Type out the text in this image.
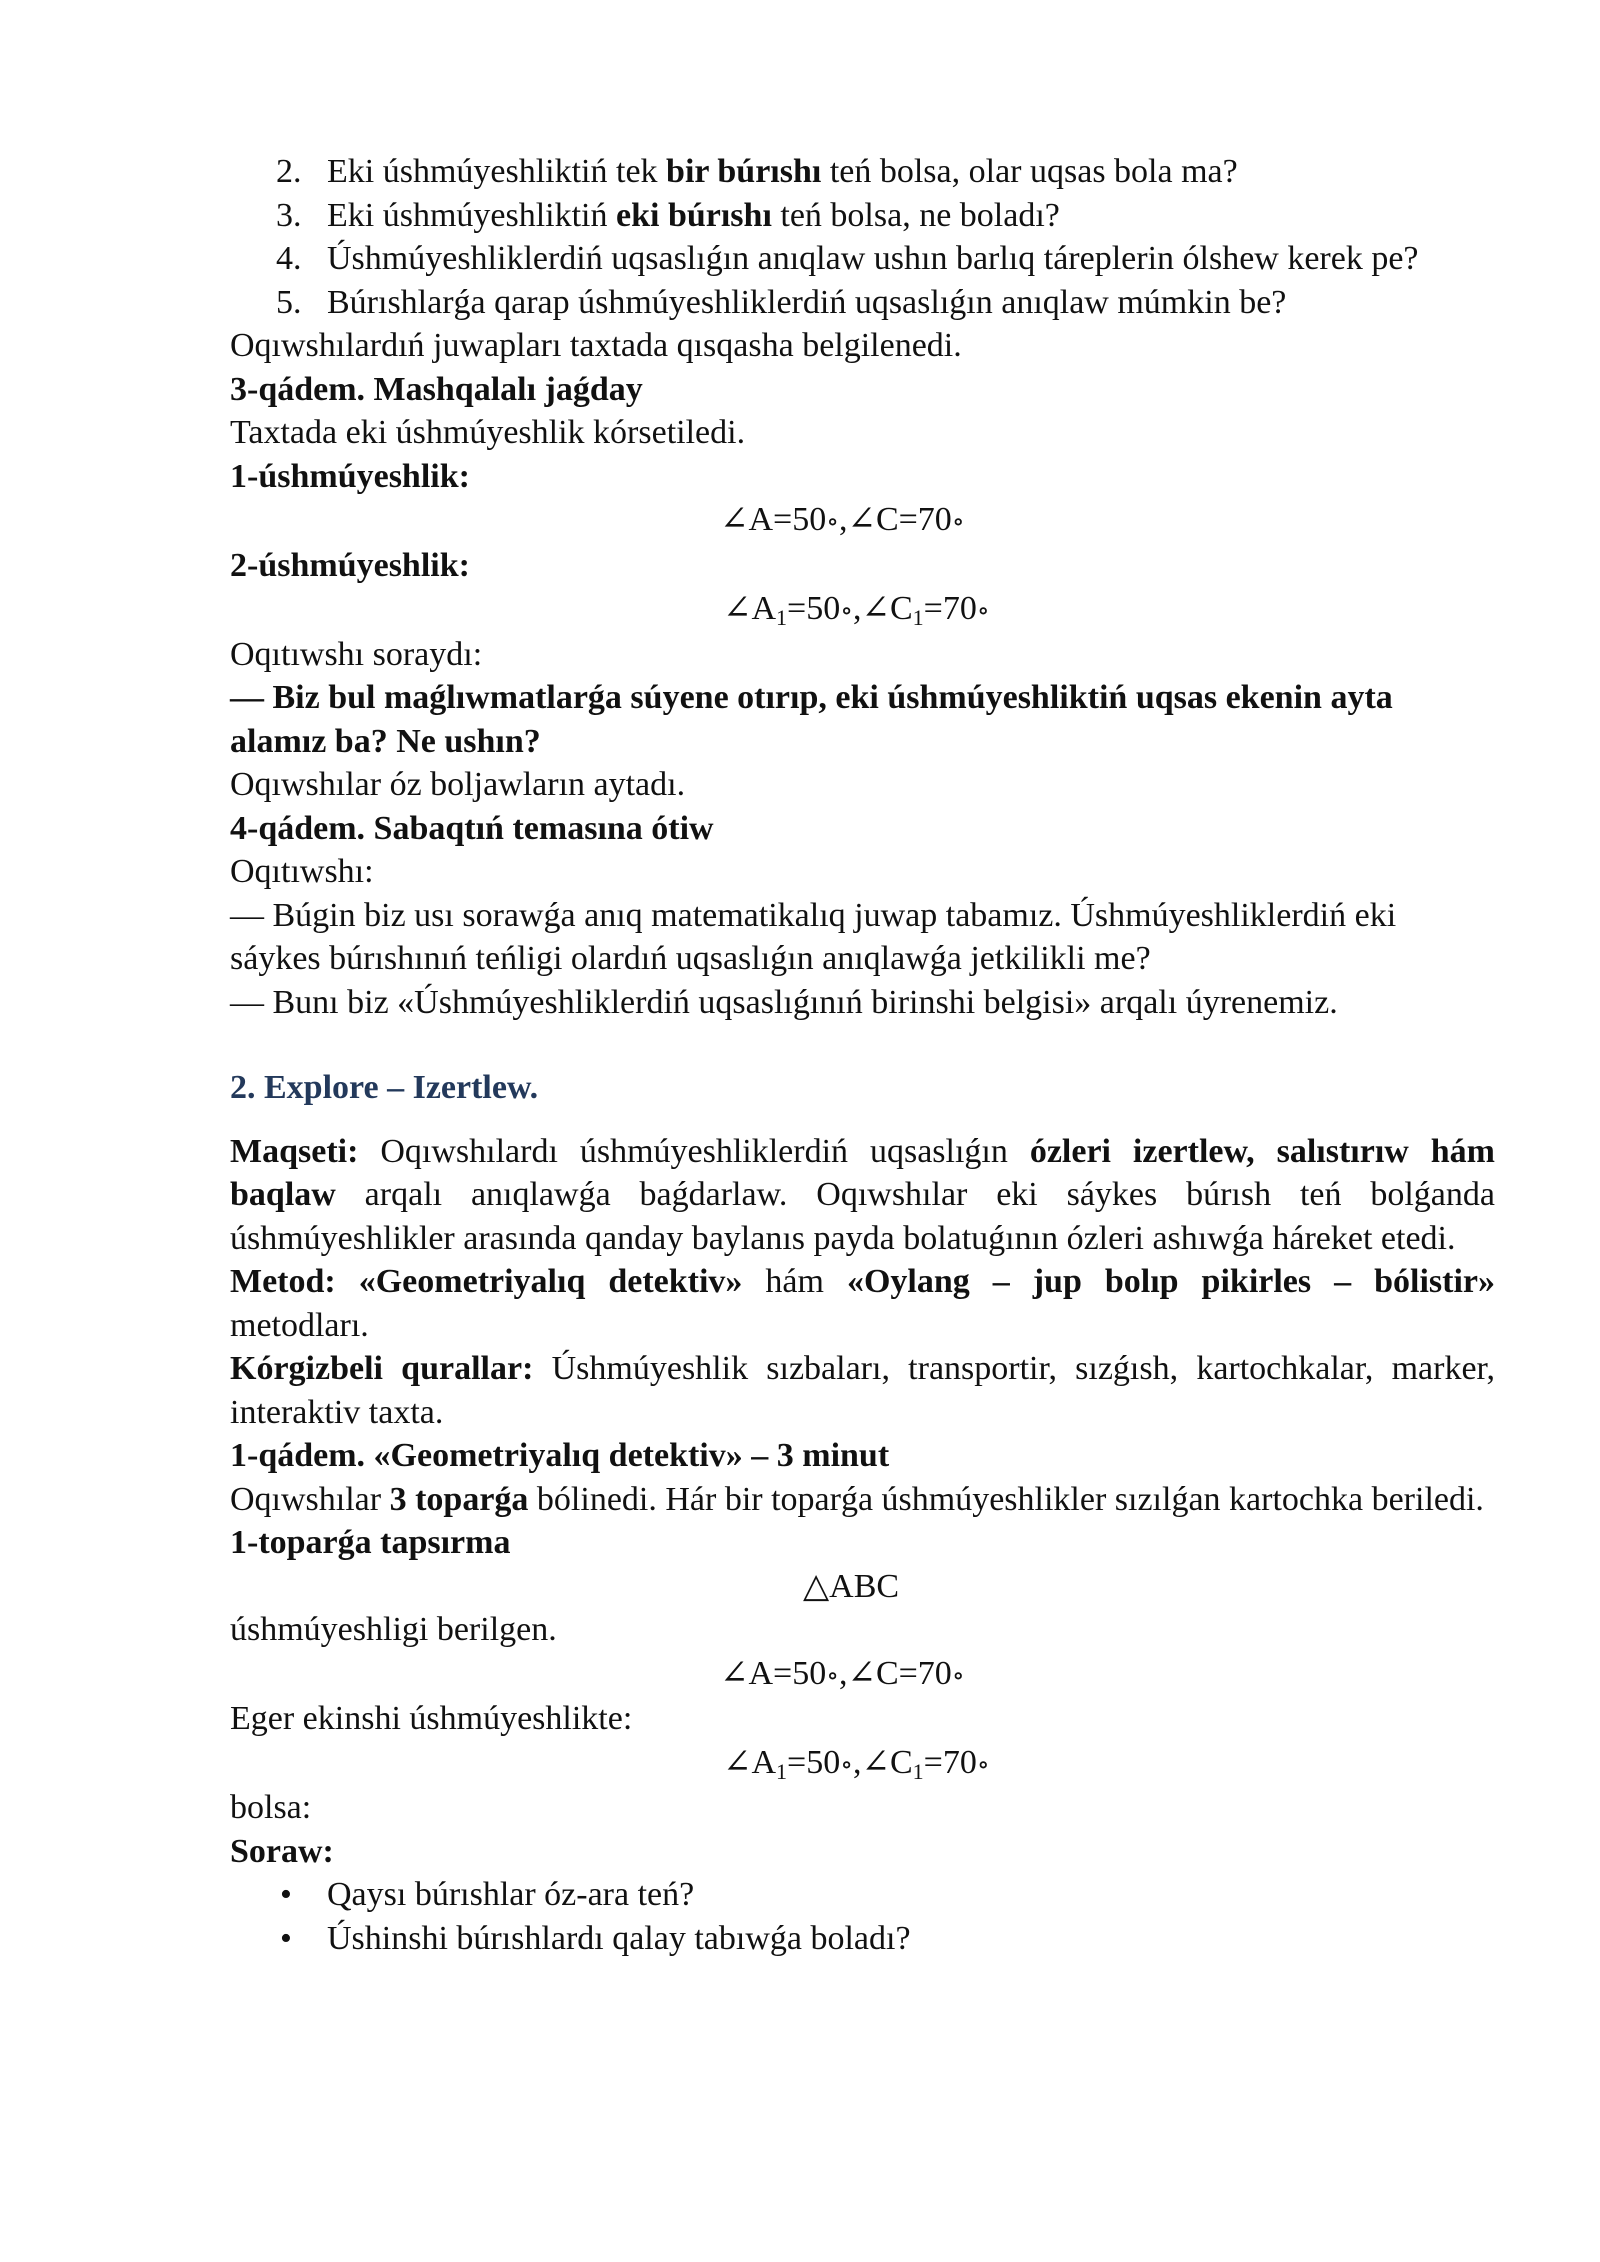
2. Eki úshmúyeshliktiń tek bir búrıshı teń bolsa, olar uqsas bola ma?
3. Eki úshmúyeshliktiń eki búrıshı teń bolsa, ne boladı?
4. Úshmúyeshliklerdiń uqsaslıǵın anıqlaw ushın barlıq táreplerin ólshew kerek pe?
5. Búrıshlarǵa qarap úshmúyeshliklerdiń uqsaslıǵın anıqlaw múmkin be?
Oqıwshılardıń juwapları taxtada qısqasha belgilenedi.
3-qádem. Mashqalalı jaǵday
Taxtada eki úshmúyeshlik kórsetiledi.
1-úshmúyeshlik:
∠A=50∘,∠C=70∘
2-úshmúyeshlik:
$\angle A_1=50\circ,\angle C_1=70\circ$
Oqıtıwshı soraydı:
— Biz bul maǵlıwmatlarǵa súyene otırıp, eki úshmúyeshliktiń uqsas ekenin ayta alamız ba? Ne ushın?
Oqıwshılar óz boljawların aytadı.
4-qádem. Sabaqtıń temasına ótiw
Oqıtıwshı:
— Búgin biz usı sorawǵa anıq matematikalıq juwap tabamız. Úshmúyeshliklerdiń eki sáykes búrıshınıń teńligi olardıń uqsaslıǵın anıqlawǵa jetkilikli me?
— Bunı biz «Úshmúyeshliklerdiń uqsaslıǵınıń birinshi belgisi» arqalı úyrenemiz.
2. Explore – Izertlew.
Maqseti: Oqıwshılardı úshmúyeshliklerdiń uqsaslıǵın ózleri izertlew, salıstırıw hám baqlaw arqalı anıqlawǵa baǵdarlaw. Oqıwshılar eki sáykes búrısh teń bolǵanda úshmúyeshlikler arasında qanday baylanıs payda bolatuǵının ózleri ashıwǵa háreket etedi.
Metod: «Geometriyalıq detektiv» hám «Oylang – jup bolıp pikirles – bólistir» metodları.
Kórgizbeli qurallar: Úshmúyeshlik sızbaları, transportir, sızǵısh, kartochkalar, marker, interaktiv taxta.
1-qádem. «Geometriyalıq detektiv» – 3 minut
Oqıwshılar 3 toparǵa bólinedi. Hár bir toparǵa úshmúyeshlikler sızılǵan kartochka beriledi.
1-toparǵa tapsırma
△ABC
úshmúyeshligi berilgen.
∠A=50∘,∠C=70∘
Eger ekinshi úshmúyeshlikte:
$\angle A_1=50\circ,\angle C_1=70\circ$
bolsa:
Soraw:
• Qaysı búrıshlar óz-ara teń?
• Úshinshi búrıshlardı qalay tabıwǵa boladı?
